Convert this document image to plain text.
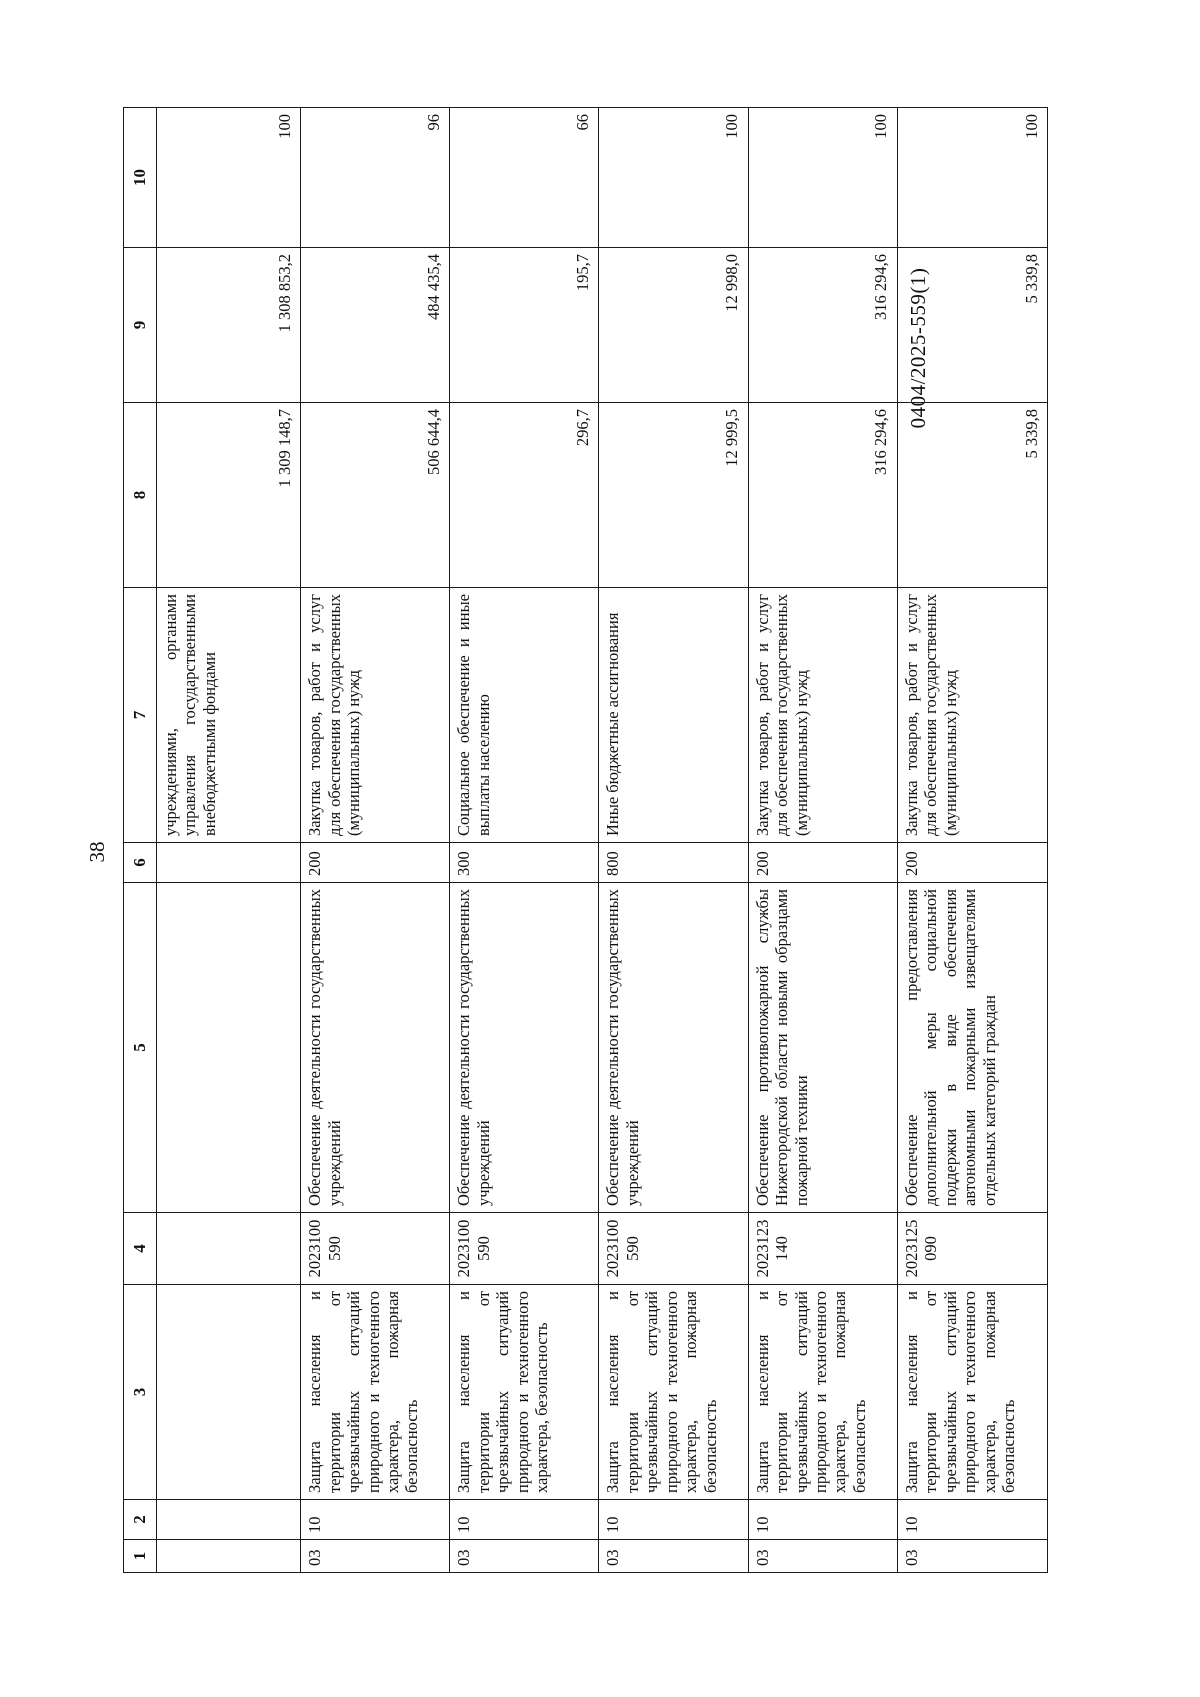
38
0404/2025-559(1)
1	2	3	4	5	6	7	8	9	10
						учреждениями, органами управления государственными внебюджетными фондами	1 309 148,7	1 308 853,2	100
03	10	Защита населения и территории от чрезвычайных ситуаций природного и техногенного характера, пожарная безопасность	2023100 590	Обеспечение деятельности государственных учреждений	200	Закупка товаров, работ и услуг для обеспечения государственных (муниципальных) нужд	506 644,4	484 435,4	96
03	10	Защита населения и территории от чрезвычайных ситуаций природного и техногенного характера, безопасность	2023100 590	Обеспечение деятельности государственных учреждений	300	Социальное обеспечение и иные выплаты населению	296,7	195,7	66
03	10	Защита населения и территории от чрезвычайных ситуаций природного и техногенного характера, пожарная безопасность	2023100 590	Обеспечение деятельности государственных учреждений	800	Иные бюджетные ассигнования	12 999,5	12 998,0	100
03	10	Защита населения и территории от чрезвычайных ситуаций природного и техногенного характера, пожарная безопасность	2023123 140	Обеспечение противопожарной службы Нижегородской области новыми образцами пожарной техники	200	Закупка товаров, работ и услуг для обеспечения государственных (муниципальных) нужд	316 294,6	316 294,6	100
03	10	Защита населения и территории от чрезвычайных ситуаций природного и техногенного характера, пожарная безопасность	2023125 090	Обеспечение предоставления дополнительной меры социальной поддержки в виде обеспечения автономными пожарными извещателями отдельных категорий граждан	200	Закупка товаров, работ и услуг для обеспечения государственных (муниципальных) нужд	5 339,8	5 339,8	100
